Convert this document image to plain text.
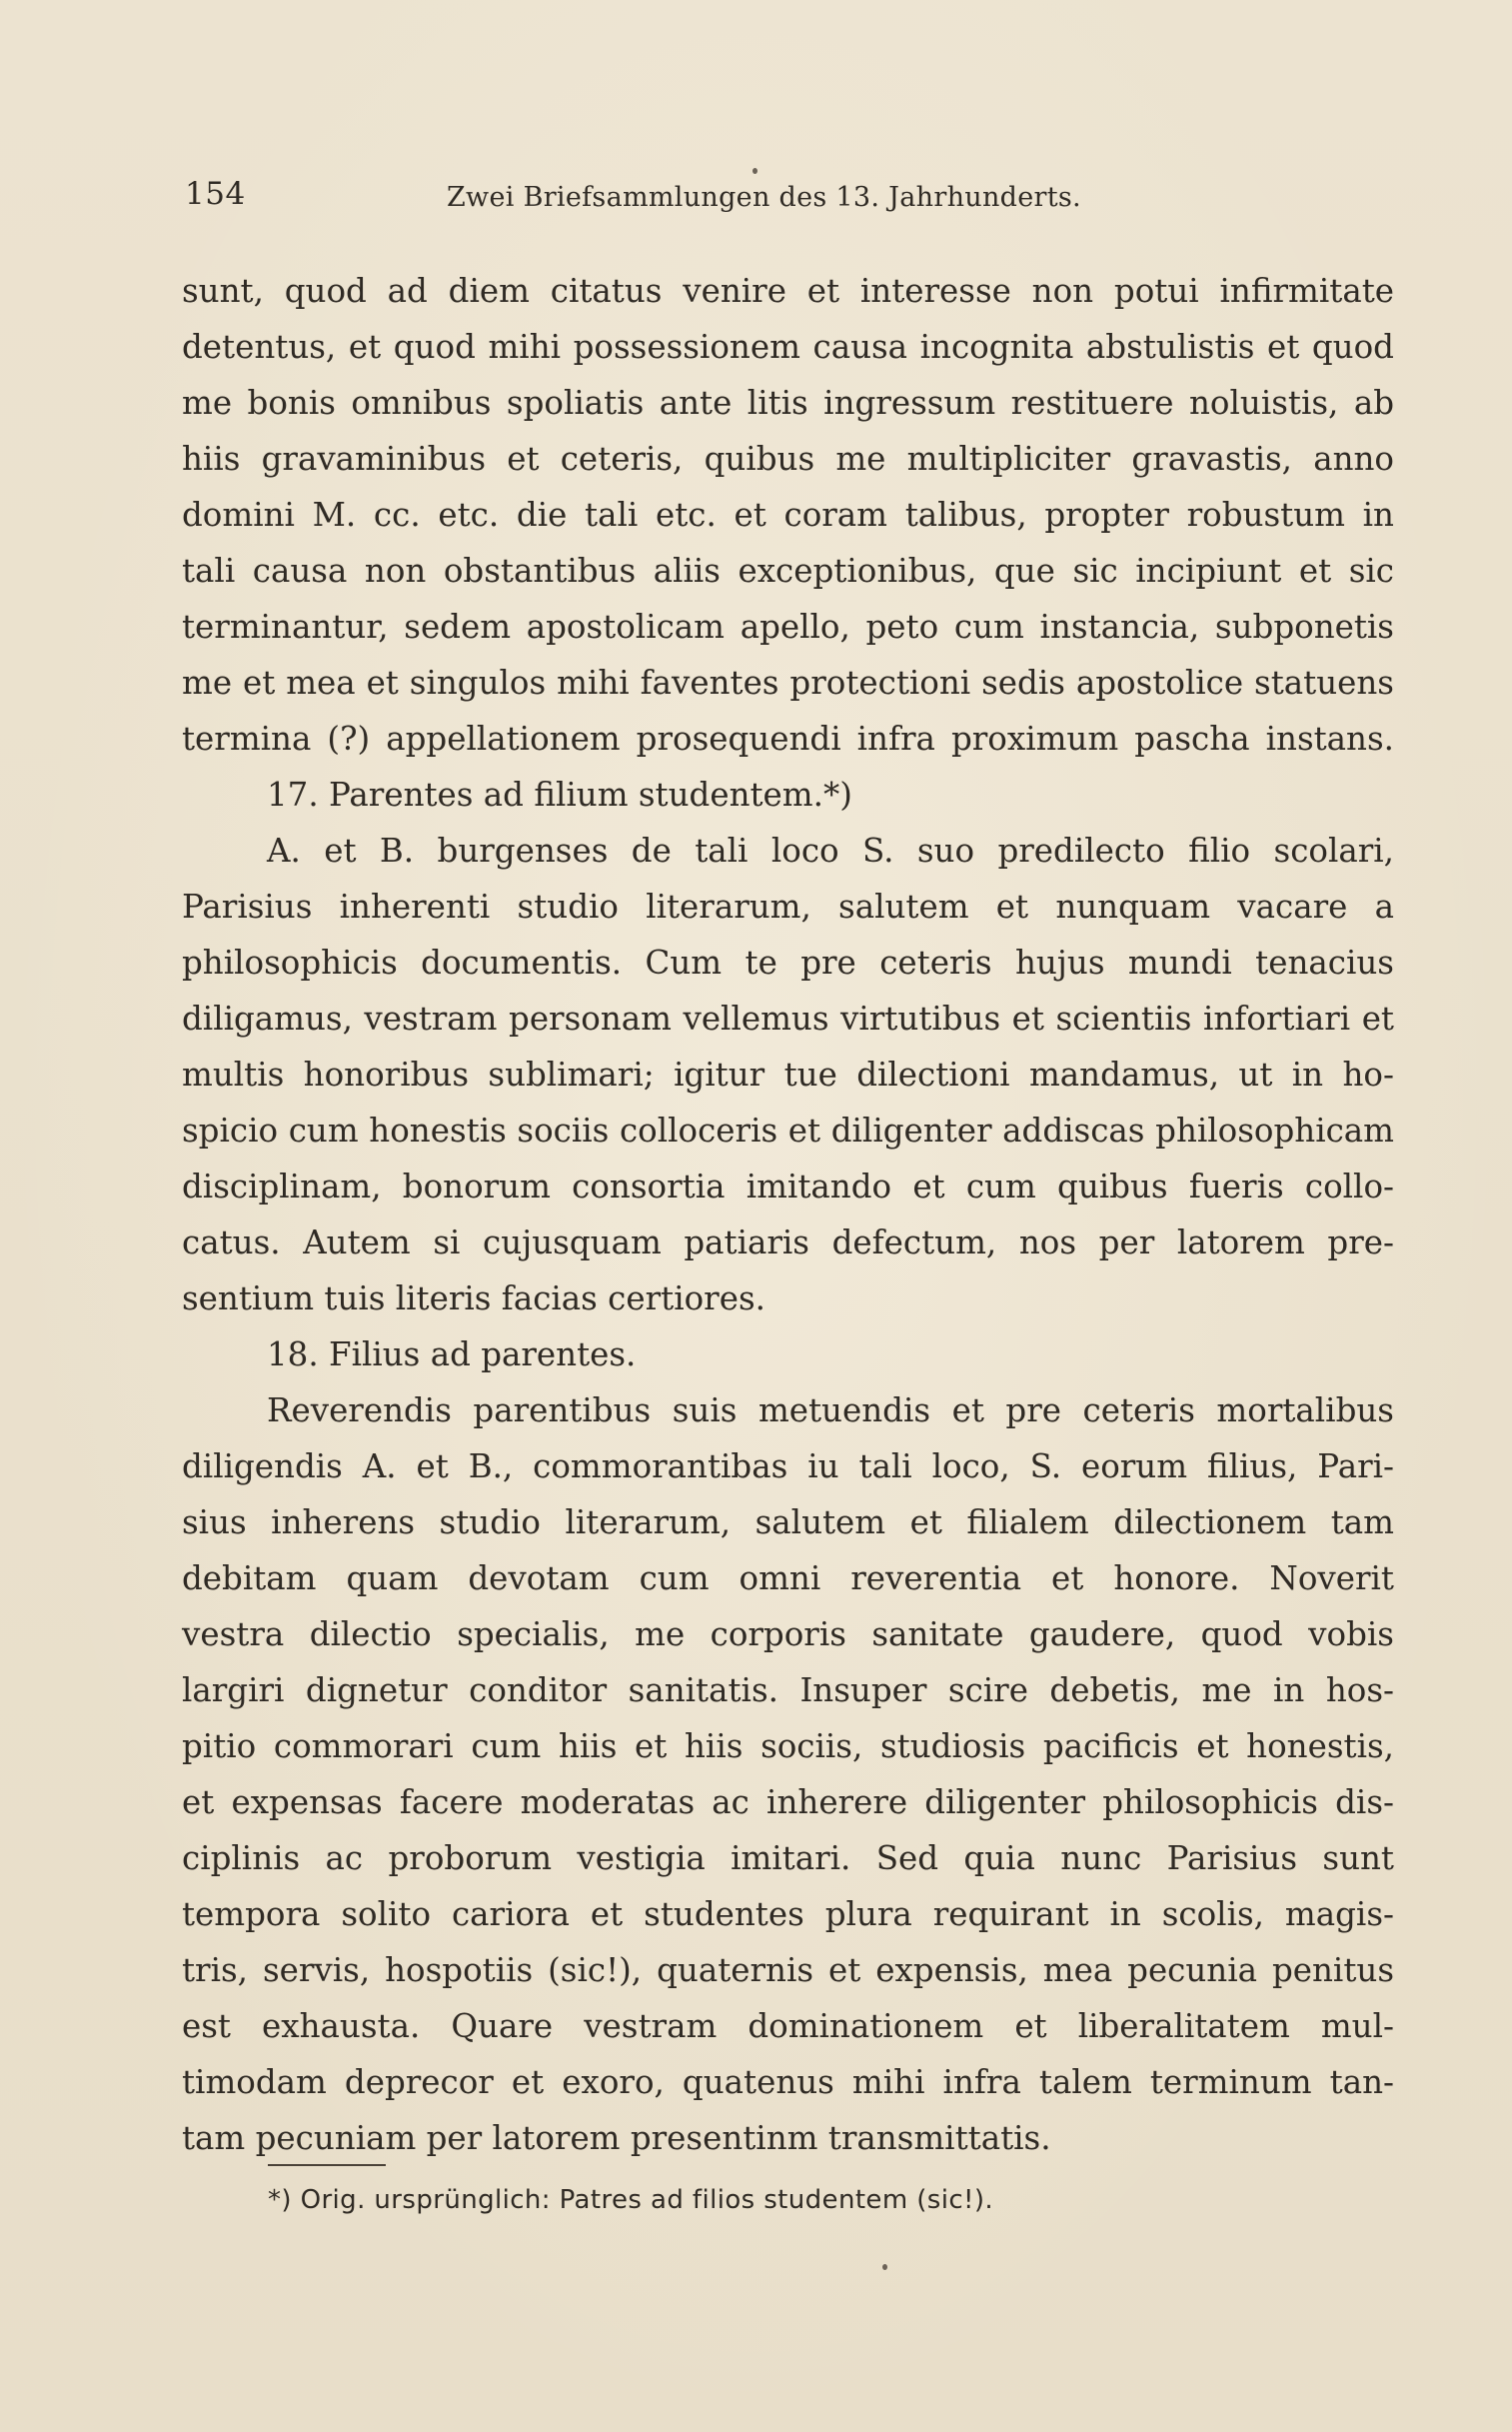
154	Zwei Briefsammlungen des 13. Jahrhunderts.
sunt, quod ad diem citatus venire et interesse non potui infirmitate
detentus, et quod mihi possessionem causa incognita abstulistis et quod
me bonis omnibus spoliatis ante litis ingressum restituere noluistis, ab
hiis gravaminibus et ceteris, quibus me multipliciter gravastis, anno
domini M. cc. etc. die tali etc. et coram talibus, propter robustum in
tali causa non obstantibus aliis exceptionibus, que sic incipiunt et sic
terminantur, sedem apostolicam apello, peto cum instancia, subponetis
me et mea et singulos mihi faventes protectioni sedis apostolice statuens
termina (?) appellationem prosequendi infra proximum pascha instans.
17. Parentes ad filium studentem.*)
A. et B. burgenses de tali loco S. suo predilecto filio scolari,
Parisius inherenti studio literarum, salutem et nunquam vacare a
philosophicis documentis. Cum te pre ceteris hujus mundi tenacius
diligamus, vestram personam vellemus virtutibus et scientiis infortiari et
multis honoribus sublimari; igitur tue dilectioni mandamus, ut in ho-
spicio cum honestis sociis colloceris et diligenter addiscas philosophicam
disciplinam, bonorum consortia imitando et cum quibus fueris collo-
catus. Autem si cujusquam patiaris defectum, nos per latorem pre-
sentium tuis literis facias certiores.
18. Filius ad parentes.
Reverendis parentibus suis metuendis et pre ceteris mortalibus
diligendis A. et B., commorantibas iu tali loco, S. eorum filius, Pari-
sius inherens studio literarum, salutem et filialem dilectionem tam
debitam quam devotam cum omni reverentia et honore. Noverit
vestra dilectio specialis, me corporis sanitate gaudere, quod vobis
largiri dignetur conditor sanitatis. Insuper scire debetis, me in hos-
pitio commorari cum hiis et hiis sociis, studiosis pacificis et honestis,
et expensas facere moderatas ac inherere diligenter philosophicis dis-
ciplinis ac proborum vestigia imitari. Sed quia nunc Parisius sunt
tempora solito cariora et studentes plura requirant in scolis, magis-
tris, servis, hospotiis (sic!), quaternis et expensis, mea pecunia penitus
est exhausta. Quare vestram dominationem et liberalitatem mul-
timodam deprecor et exoro, quatenus mihi infra talem terminum tan-
tam pecuniam per latorem presentinm transmittatis.
*) Orig. ursprünglich: Patres ad filios studentem (sic!).
